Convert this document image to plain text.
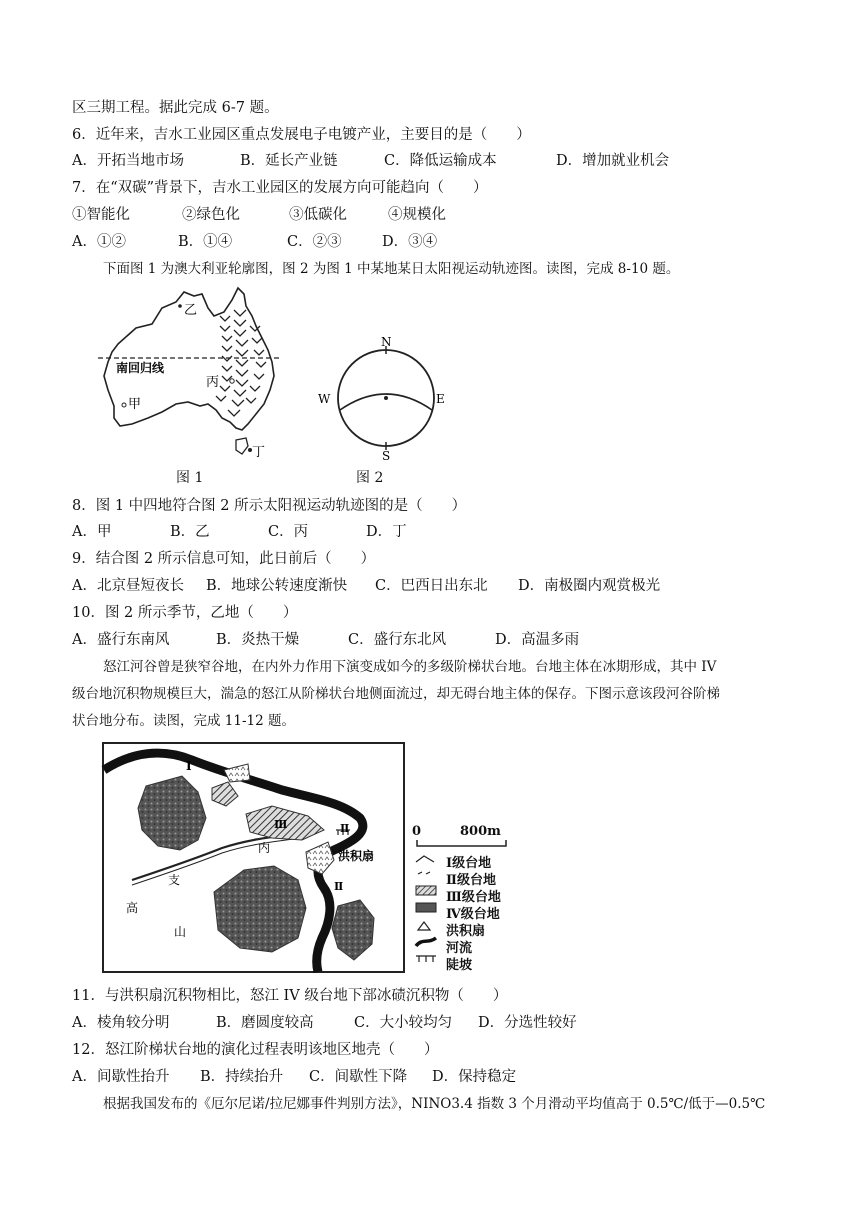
区三期工程。据此完成 6-7 题。
6．近年来，吉水工业园区重点发展电子电镀产业，主要目的是（　　）
A．开拓当地市场	B．延长产业链	C．降低运输成本	D．增加就业机会
7．在“双碳”背景下，吉水工业园区的发展方向可能趋向（　　）
①智能化	②绿色化	③低碳化	④规模化
A．①②	B．①④	C．②③	D．③④
下面图 1 为澳大利亚轮廓图，图 2 为图 1 中某地某日太阳视运动轨迹图。读图，完成 8-10 题。
南回归线
乙
丙
甲
丁
图 1
N
S
W	E
图 2
8．图 1 中四地符合图 2 所示太阳视运动轨迹图的是（　　）
A．甲	B．乙	C．丙	D．丁
9．结合图 2 所示信息可知，此日前后（　　）
A．北京昼短夜长 B．地球公转速度渐快 C．巴西日出东北 D．南极圈内观赏极光
10．图 2 所示季节，乙地（　　）
A．盛行东南风	B．炎热干燥	C．盛行东北风	D．高温多雨
怒江河谷曾是狭窄谷地，在内外力作用下演变成如今的多级阶梯状台地。台地主体在冰期形成，其中 IV
级台地沉积物规模巨大，湍急的怒江从阶梯状台地侧面流过，却无碍台地主体的保存。下图示意该段河谷阶梯
状台地分布。读图，完成 11-12 题。
I
Ⅲ	Ⅱ
洪积扇
Ⅱ
内
支
高
山
0	800m
Ⅰ级台地
Ⅱ级台地
Ⅲ级台地
Ⅳ级台地
洪积扇
河流
陡坡
11．与洪积扇沉积物相比，怒江 IV 级台地下部冰碛沉积物（　　）
A．棱角较分明	B．磨圆度较高	C．大小较均匀 D．分选性较好
12．怒江阶梯状台地的演化过程表明该地区地壳（　　）
A．间歇性抬升 B．持续抬升 C．间歇性下降 D．保持稳定
根据我国发布的《厄尔尼诺/拉尼娜事件判别方法》，NINO3.4 指数 3 个月滑动平均值高于 0.5℃/低于—0.5℃
